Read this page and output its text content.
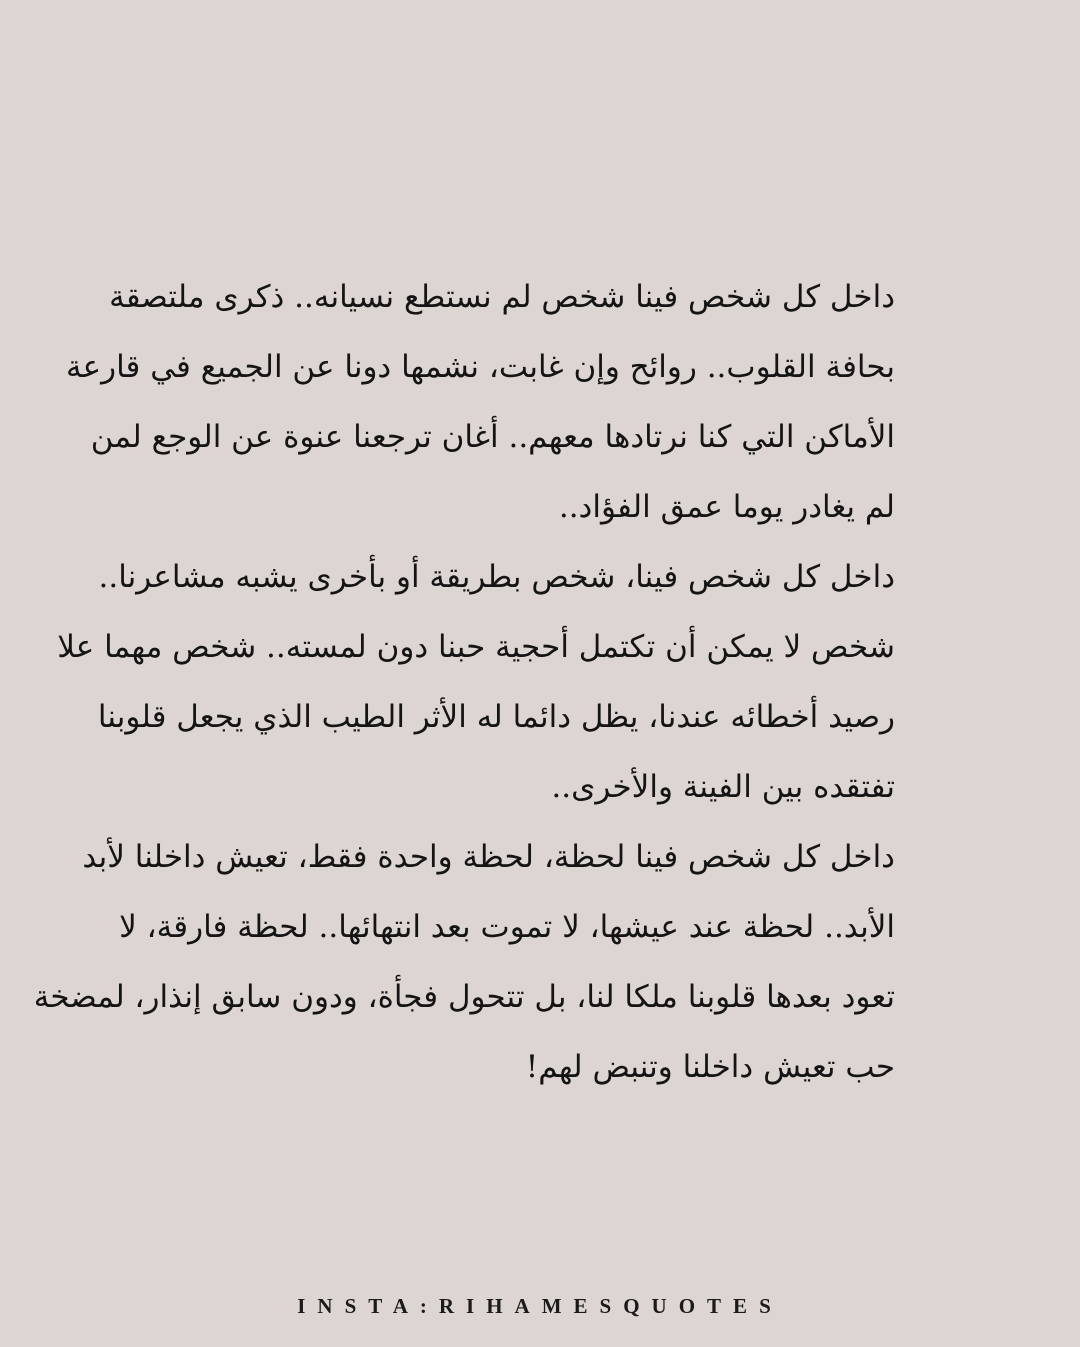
داخل كل شخص فينا شخص لم نستطع نسيانه.. ذكرى ملتصقة
بحافة القلوب.. روائح وإن غابت، نشمها دونا عن الجميع في قارعة
الأماكن التي كنا نرتادها معهم.. أغان ترجعنا عنوة عن الوجع لمن
لم يغادر يوما عمق الفؤاد..
داخل كل شخص فينا، شخص بطريقة أو بأخرى يشبه مشاعرنا..
شخص لا يمكن أن تكتمل أحجية حبنا دون لمسته.. شخص مهما علا
رصيد أخطائه عندنا، يظل دائما له الأثر الطيب الذي يجعل قلوبنا
تفتقده بين الفينة والأخرى..
داخل كل شخص فينا لحظة، لحظة واحدة فقط، تعيش داخلنا لأبد
الأبد.. لحظة عند عيشها، لا تموت بعد انتهائها.. لحظة فارقة، لا
تعود بعدها قلوبنا ملكا لنا، بل تتحول فجأة، ودون سابق إنذار، لمضخة
حب تعيش داخلنا وتنبض لهم!
INSTA:RIHAMESQUOTES
